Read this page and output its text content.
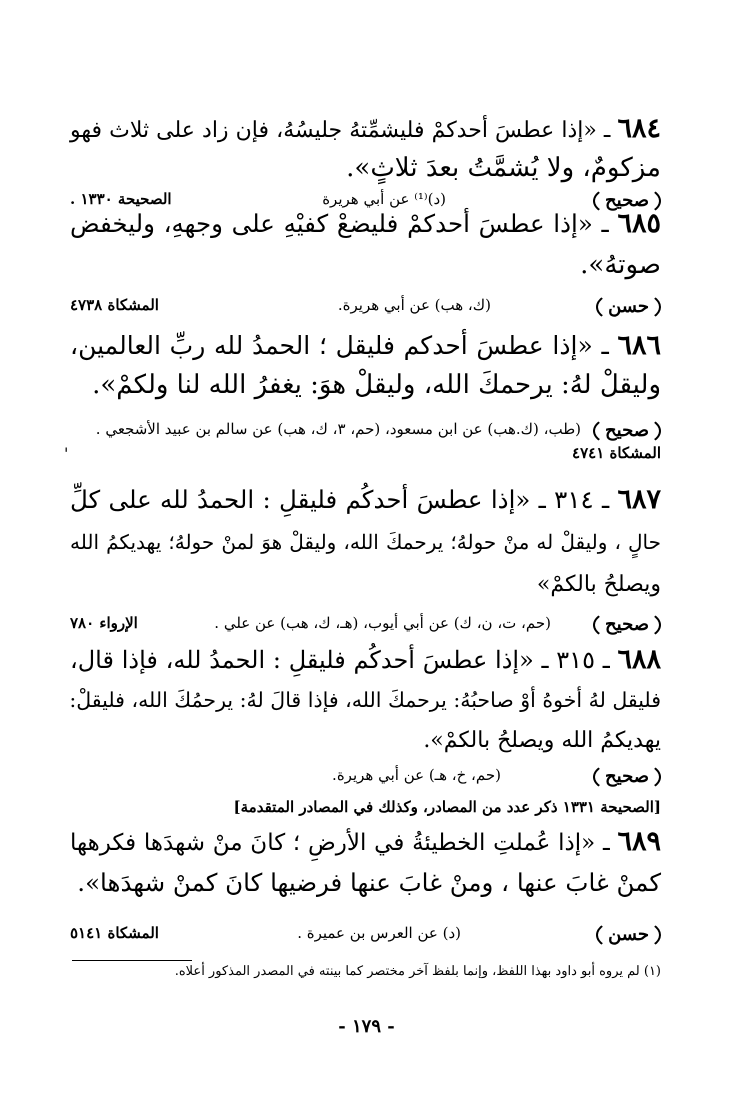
٦٨٤ ـ «إذا عطسَ أحدكمْ فليشمِّتهُ جليسُهُ، فإن زاد على ثلاث فهو
مزكومٌ، ولا يُشمَّتُ بعدَ ثلاثٍ».
صحيح
(د)⁽¹⁾ عن أبي هريرة
الصحيحة ١٣٣٠ .
٦٨٥ ـ «إذا عطسَ أحدكمْ فليضعْ كفيْهِ على وجههِ، وليخفض
صوتهُ».
حسن
(ك، هب) عن أبي هريرة.
المشكاة ٤٧٣٨
٦٨٦ ـ «إذا عطسَ أحدكم فليقل ؛ الحمدُ لله ربِّ العالمين،
وليقلْ لهُ: يرحمكَ الله، وليقلْ هوَ: يغفرُ الله لنا ولكمْ».
صحيح
(طب، (ك.هب) عن ابن مسعود، (حم، ٣، ك، هب) عن سالم بن عبيد الأشجعي .
المشكاة ٤٧٤١
'
٦٨٧ ـ ٣١٤ ـ «إذا عطسَ أحدكُم فليقلِ : الحمدُ لله على كلِّ
حالٍ ، وليقلْ له منْ حولهُ؛ يرحمكَ الله، وليقلْ هوَ لمنْ حولهُ؛ يهديكمُ الله
ويصلحُ بالكمْ»
صحيح
(حم، ت، ن، ك) عن أبي أيوب، (هـ، ك، هب) عن علي .
الإرواء ٧٨٠
٦٨٨ ـ ٣١٥ ـ «إذا عطسَ أحدكُم فليقلِ : الحمدُ لله، فإذا قال،
فليقل لهُ أخوهُ أوْ صاحبُهُ: يرحمكَ الله، فإذا قالَ لهُ: يرحمُكَ الله، فليقلْ:
يهديكمُ الله ويصلحُ بالكمْ».
صحيح
(حم، خ، هـ) عن أبي هريرة.
[الصحيحة ١٣٣١ ذكر عدد من المصادر، وكذلك في المصادر المتقدمة]
٦٨٩ ـ «إذا عُملتِ الخطيئةُ في الأرضِ ؛ كانَ منْ شهدَها فكرهها
كمنْ غابَ عنها ، ومنْ غابَ عنها فرضيها كانَ كمنْ شهدَها».
حسن
(د) عن العرس بن عميرة .
المشكاة ٥١٤١
(١) لم يروه أبو داود بهذا اللفظ، وإنما بلفظ آخر مختصر كما بينته في المصدر المذكور أعلاه.
- ١٧٩ -
